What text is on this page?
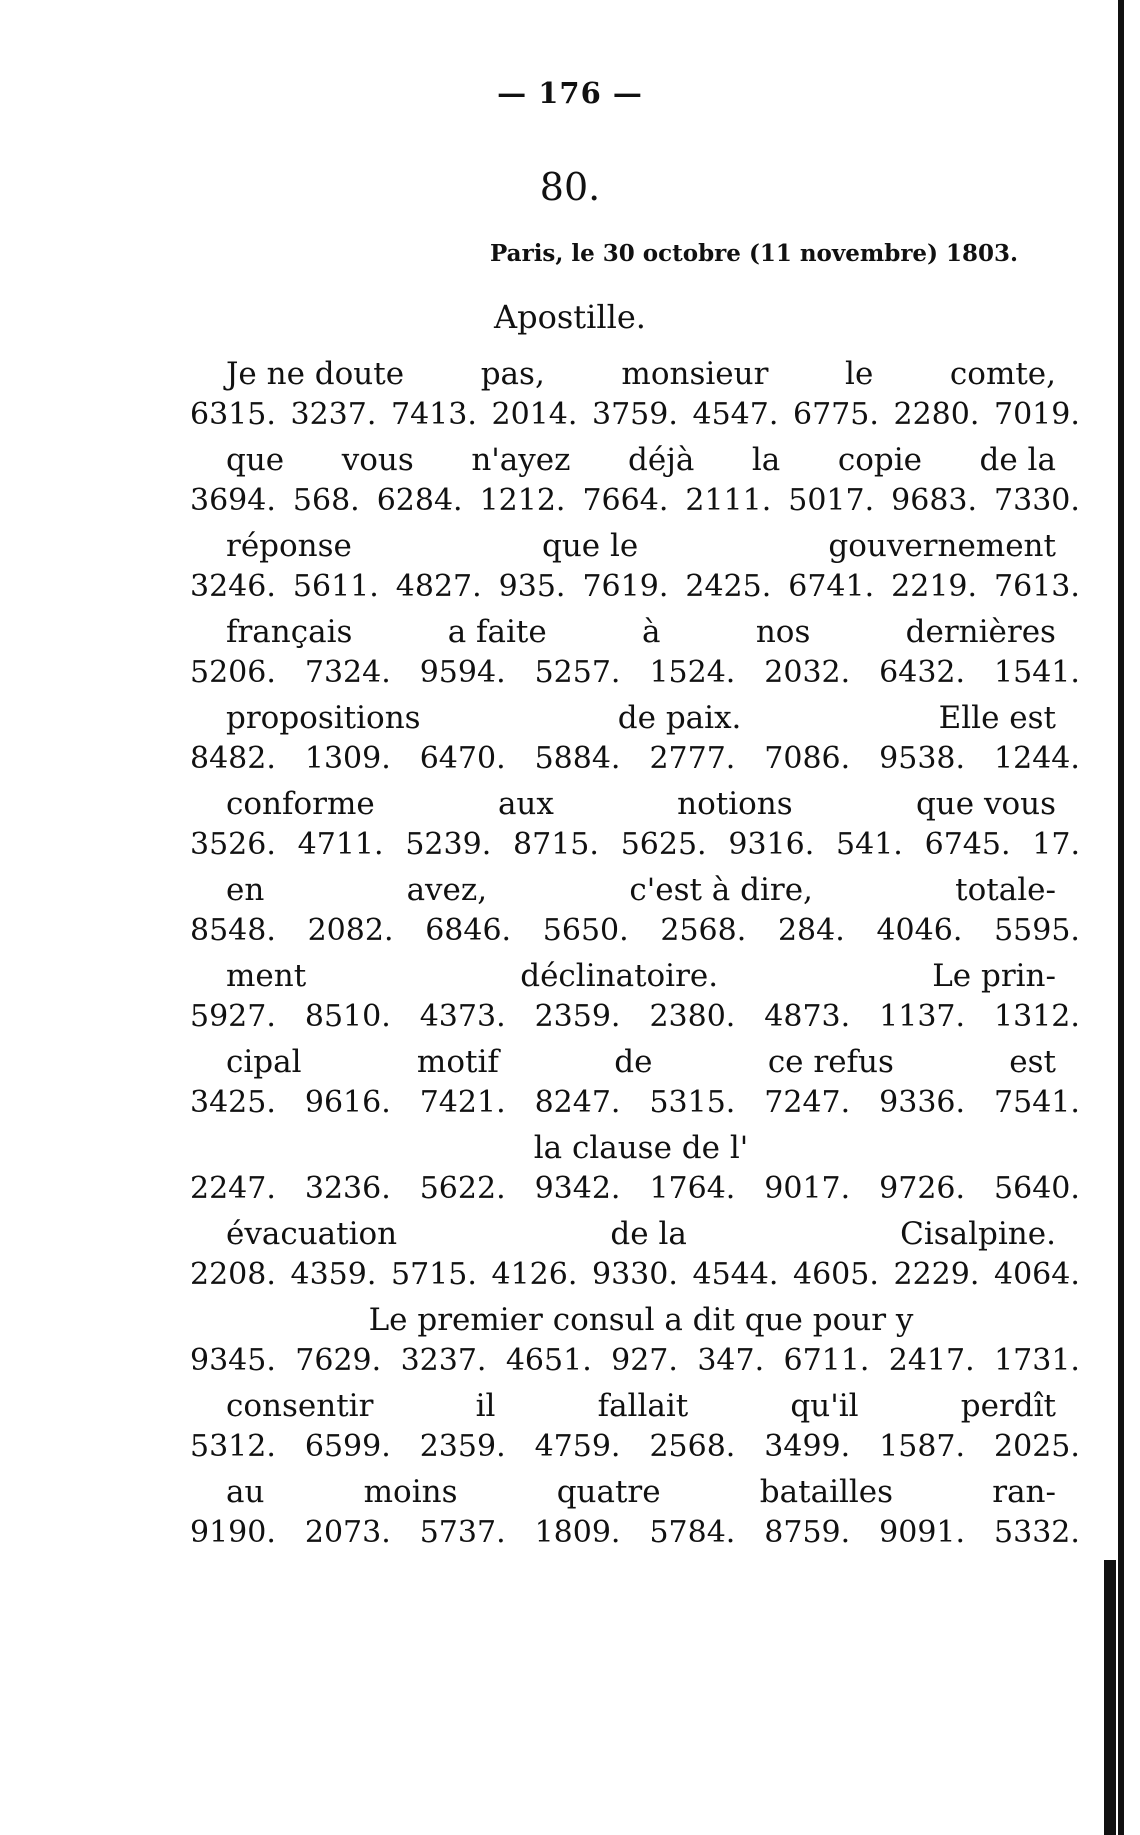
— 176 —
80.
Paris, le 30 octobre (11 novembre) 1803.
Apostille.
Je ne doute pas, monsieur le comte,
6315. 3237. 7413. 2014. 3759. 4547. 6775. 2280. 7019.
que vous n'ayez déjà la copie de la
3694. 568. 6284. 1212. 7664. 2111. 5017. 9683. 7330.
réponse	que le	gouvernement
3246. 5611. 4827. 935. 7619. 2425. 6741. 2219. 7613.
français	a faite	à	nos	dernières
5206. 7324. 9594. 5257. 1524. 2032. 6432. 1541.
propositions	de paix.	Elle est
8482. 1309. 6470. 5884. 2777. 7086. 9538. 1244.
conforme	aux	notions	que vous
3526. 4711. 5239. 8715. 5625. 9316. 541. 6745. 17.
en	avez,	c'est à dire,	totale-
8548. 2082. 6846. 5650. 2568. 284. 4046. 5595.
ment	déclinatoire.	Le prin-
5927. 8510. 4373. 2359. 2380. 4873. 1137. 1312.
cipal	motif	de	ce refus	est
3425. 9616. 7421. 8247. 5315. 7247. 9336. 7541.
la clause de l'
2247. 3236. 5622. 9342. 1764. 9017. 9726. 5640.
évacuation	de la	Cisalpine.
2208. 4359. 5715. 4126. 9330. 4544. 4605. 2229. 4064.
Le premier consul a dit que pour y
9345. 7629. 3237. 4651. 927. 347. 6711. 2417. 1731.
consentir	il	fallait	qu'il	perdît
5312. 6599. 2359. 4759. 2568. 3499. 1587. 2025.
au	moins	quatre	batailles	ran-
9190. 2073. 5737. 1809. 5784. 8759. 9091. 5332.
